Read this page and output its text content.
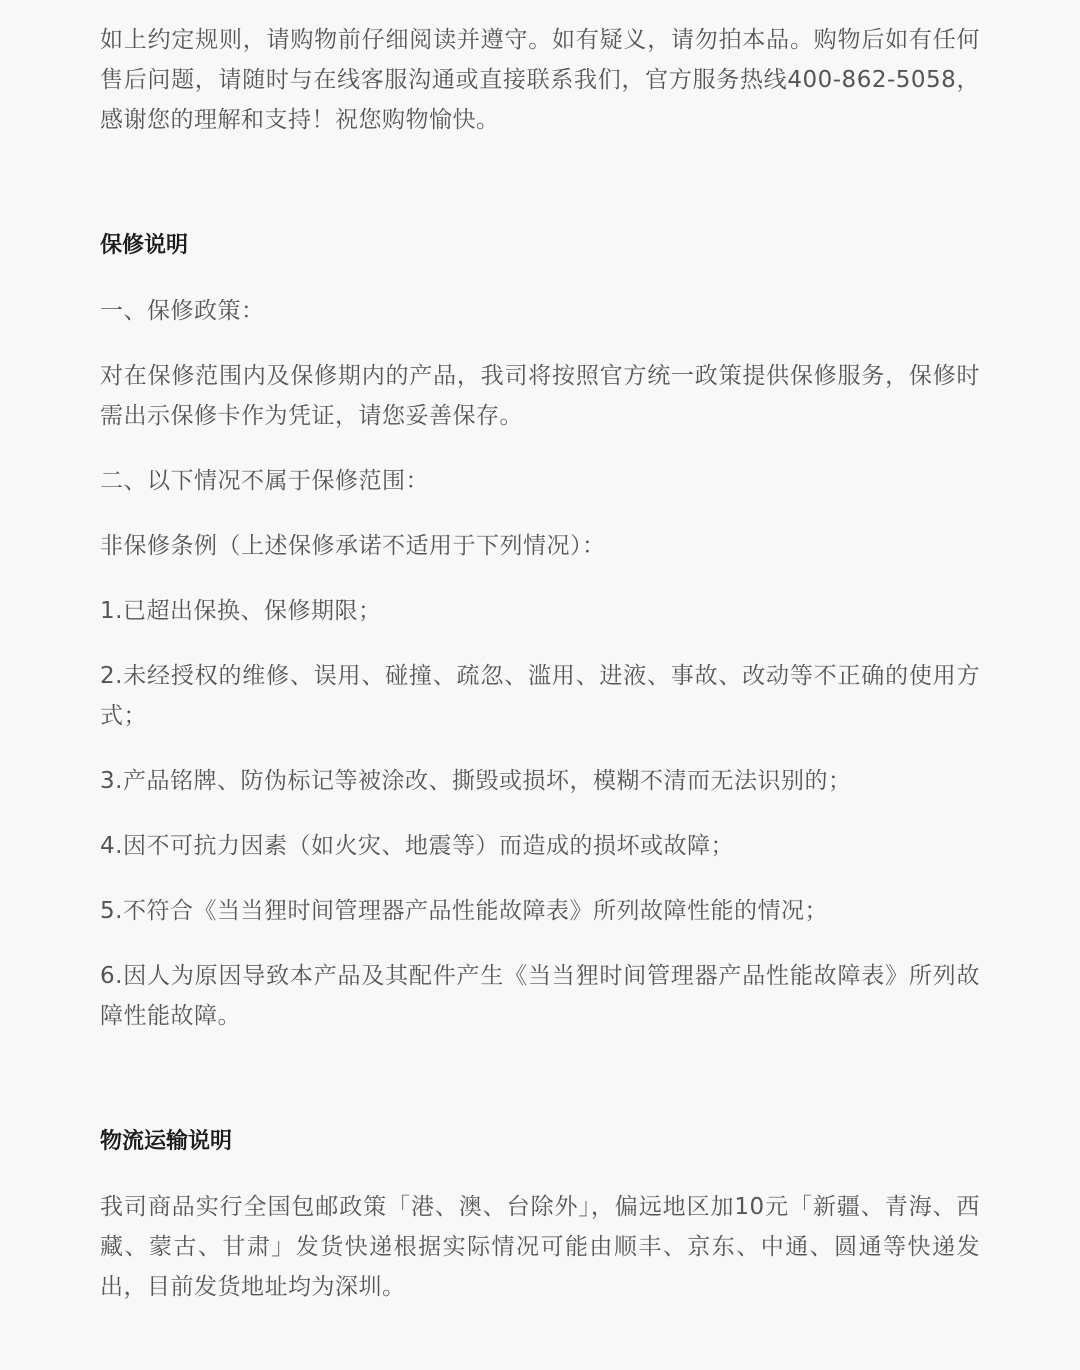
如上约定规则，请购物前仔细阅读并遵守。如有疑义，请勿拍本品。购物后如有任何售后问题，请随时与在线客服沟通或直接联系我们，官方服务热线400-862-5058，感谢您的理解和支持！祝您购物愉快。

保修说明

一、保修政策：

对在保修范围内及保修期内的产品，我司将按照官方统一政策提供保修服务，保修时需出示保修卡作为凭证，请您妥善保存。

二、以下情况不属于保修范围：

非保修条例（上述保修承诺不适用于下列情况）：

1.已超出保换、保修期限；

2.未经授权的维修、误用、碰撞、疏忽、滥用、进液、事故、改动等不正确的使用方式；

3.产品铭牌、防伪标记等被涂改、撕毁或损坏，模糊不清而无法识别的；

4.因不可抗力因素（如火灾、地震等）而造成的损坏或故障；

5.不符合《当当狸时间管理器产品性能故障表》所列故障性能的情况；

6.因人为原因导致本产品及其配件产生《当当狸时间管理器产品性能故障表》所列故障性能故障。

物流运输说明

我司商品实行全国包邮政策「港、澳、台除外」，偏远地区加10元「新疆、青海、西藏、蒙古、甘肃」发货快递根据实际情况可能由顺丰、京东、中通、圆通等快递发出，目前发货地址均为深圳。
